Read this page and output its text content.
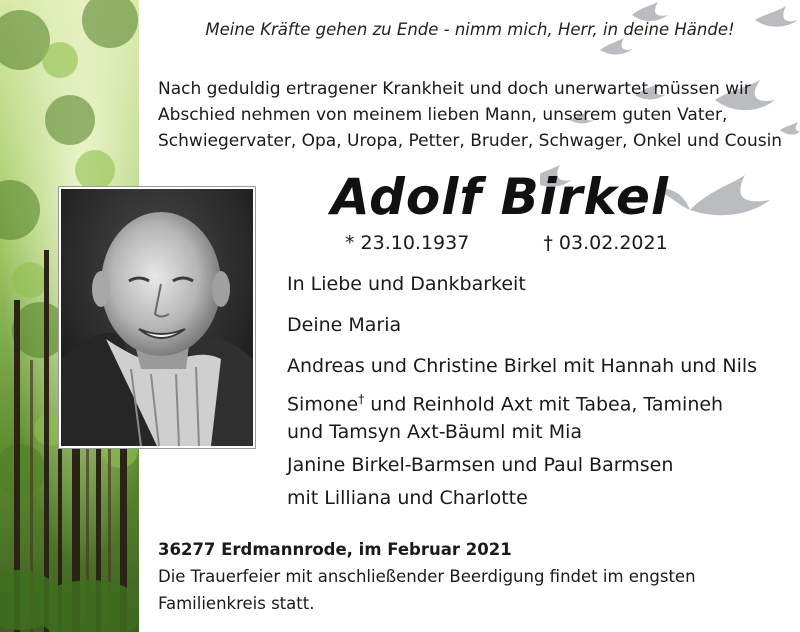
Meine Kräfte gehen zu Ende - nimm mich, Herr, in deine Hände!
Nach geduldig ertragener Krankheit und doch unerwartet müssen wir
Abschied nehmen von meinem lieben Mann, unserem guten Vater,
Schwiegervater, Opa, Uropa, Petter, Bruder, Schwager, Onkel und Cousin
Adolf Birkel
* 23.10.1937	† 03.02.2021
In Liebe und Dankbarkeit
Deine Maria
Andreas und Christine Birkel mit Hannah und Nils
Simone† und Reinhold Axt mit Tabea, Tamineh
und Tamsyn Axt-Bäuml mit Mia
Janine Birkel-Barmsen und Paul Barmsen
mit Lilliana und Charlotte
36277 Erdmannrode, im Februar 2021
Die Trauerfeier mit anschließender Beerdigung findet im engsten
Familienkreis statt.
